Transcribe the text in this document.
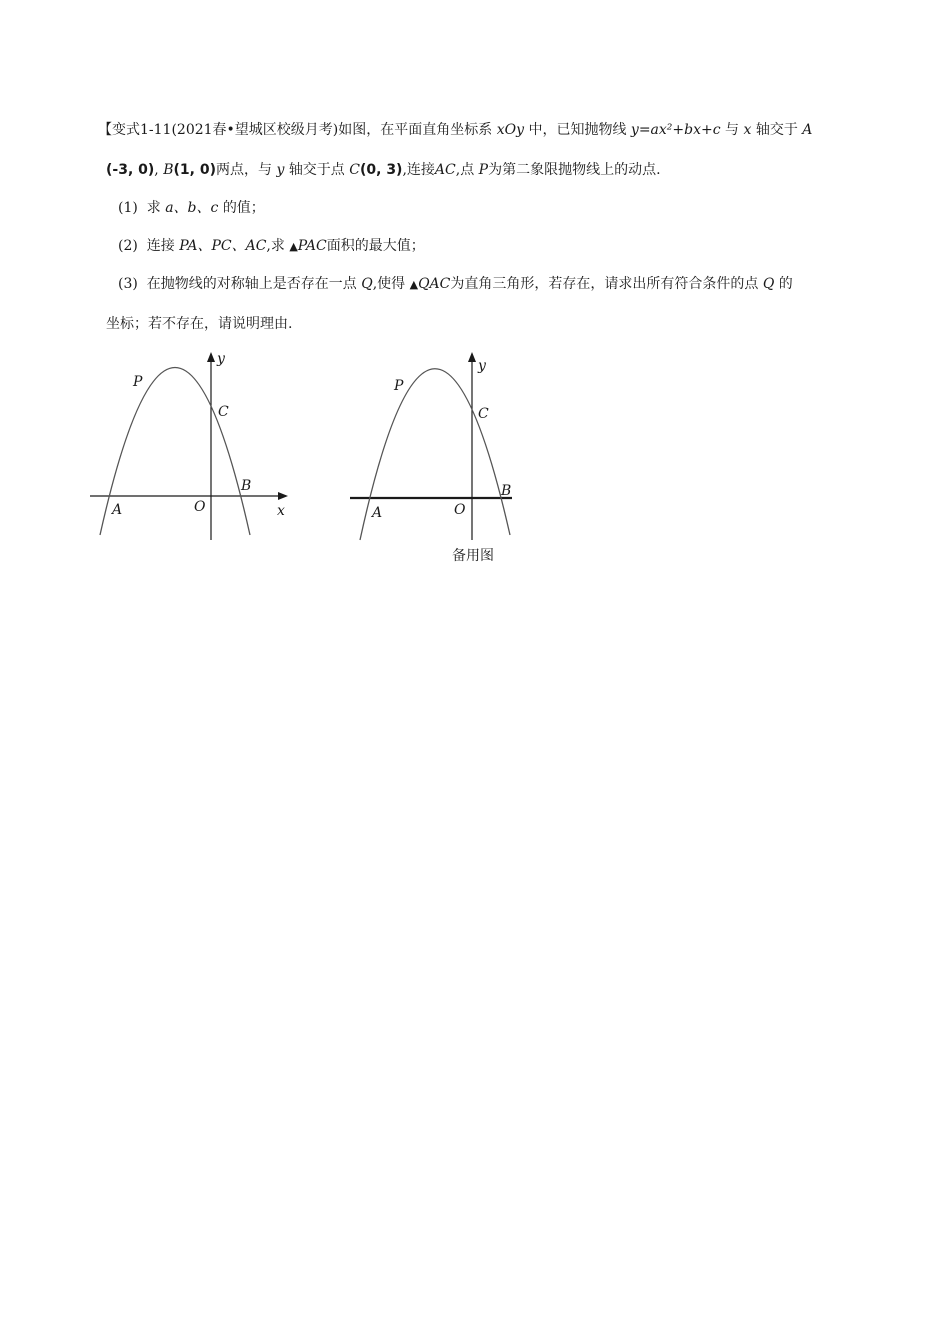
【变式1-11(2021春•望城区校级月考)如图，在平面直角坐标系 xOy 中，已知抛物线 y=ax²+bx+c 与 x 轴交于 A
(-3, 0), B(1, 0)两点，与 y 轴交于点 C(0, 3),连接AC,点 P为第二象限抛物线上的动点.
(1) 求 a、b、c 的值；
(2) 连接 PA、PC、AC,求 ▲PAC面积的最大值；
(3) 在抛物线的对称轴上是否存在一点 Q,使得 ▲QAC为直角三角形，若存在，请求出所有符合条件的点 Q 的
坐标；若不存在，请说明理由.
P
C
A	O
B
x
y
P
C
A	O
B
y
备用图
